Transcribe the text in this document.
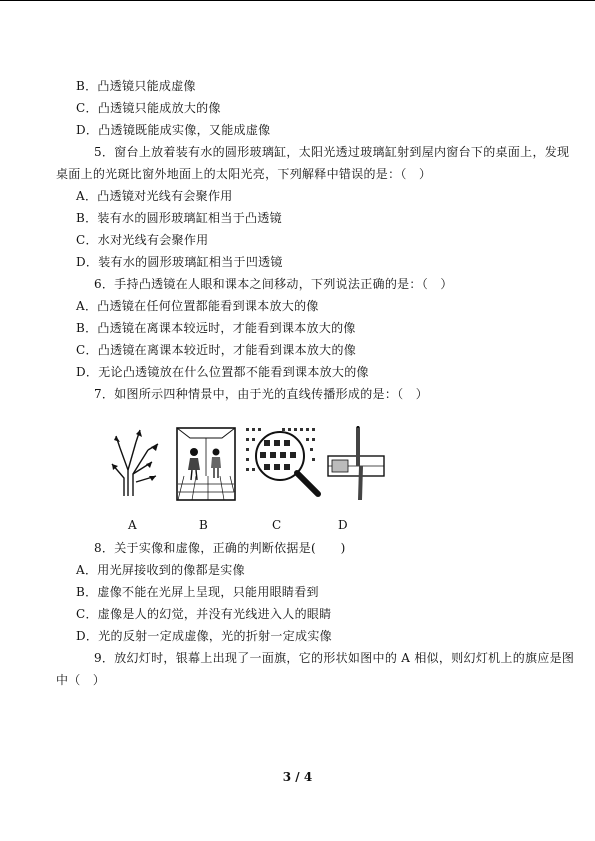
B．凸透镜只能成虚像
C．凸透镜只能成放大的像
D．凸透镜既能成实像，又能成虚像
5．窗台上放着装有水的圆形玻璃缸，太阳光透过玻璃缸射到屋内窗台下的桌面上，发现
桌面上的光斑比窗外地面上的太阳光亮，下列解释中错误的是：（　）
A．凸透镜对光线有会聚作用
B．装有水的圆形玻璃缸相当于凸透镜
C．水对光线有会聚作用
D．装有水的圆形玻璃缸相当于凹透镜
6．手持凸透镜在人眼和课本之间移动，下列说法正确的是：（　）
A．凸透镜在任何位置都能看到课本放大的像
B．凸透镜在离课本较远时，才能看到课本放大的像
C．凸透镜在离课本较近时，才能看到课本放大的像
D．无论凸透镜放在什么位置都不能看到课本放大的像
7．如图所示四种情景中，由于光的直线传播形成的是：（　）
A	B	C	D
8．关于实像和虚像，正确的判断依据是(　　)
A．用光屏接收到的像都是实像
B．虚像不能在光屏上呈现，只能用眼睛看到
C．虚像是人的幻觉，并没有光线进入人的眼睛
D．光的反射一定成虚像，光的折射一定成实像
9．放幻灯时，银幕上出现了一面旗，它的形状如图中的 A 相似，则幻灯机上的旗应是图
中（　）
3 / 4
